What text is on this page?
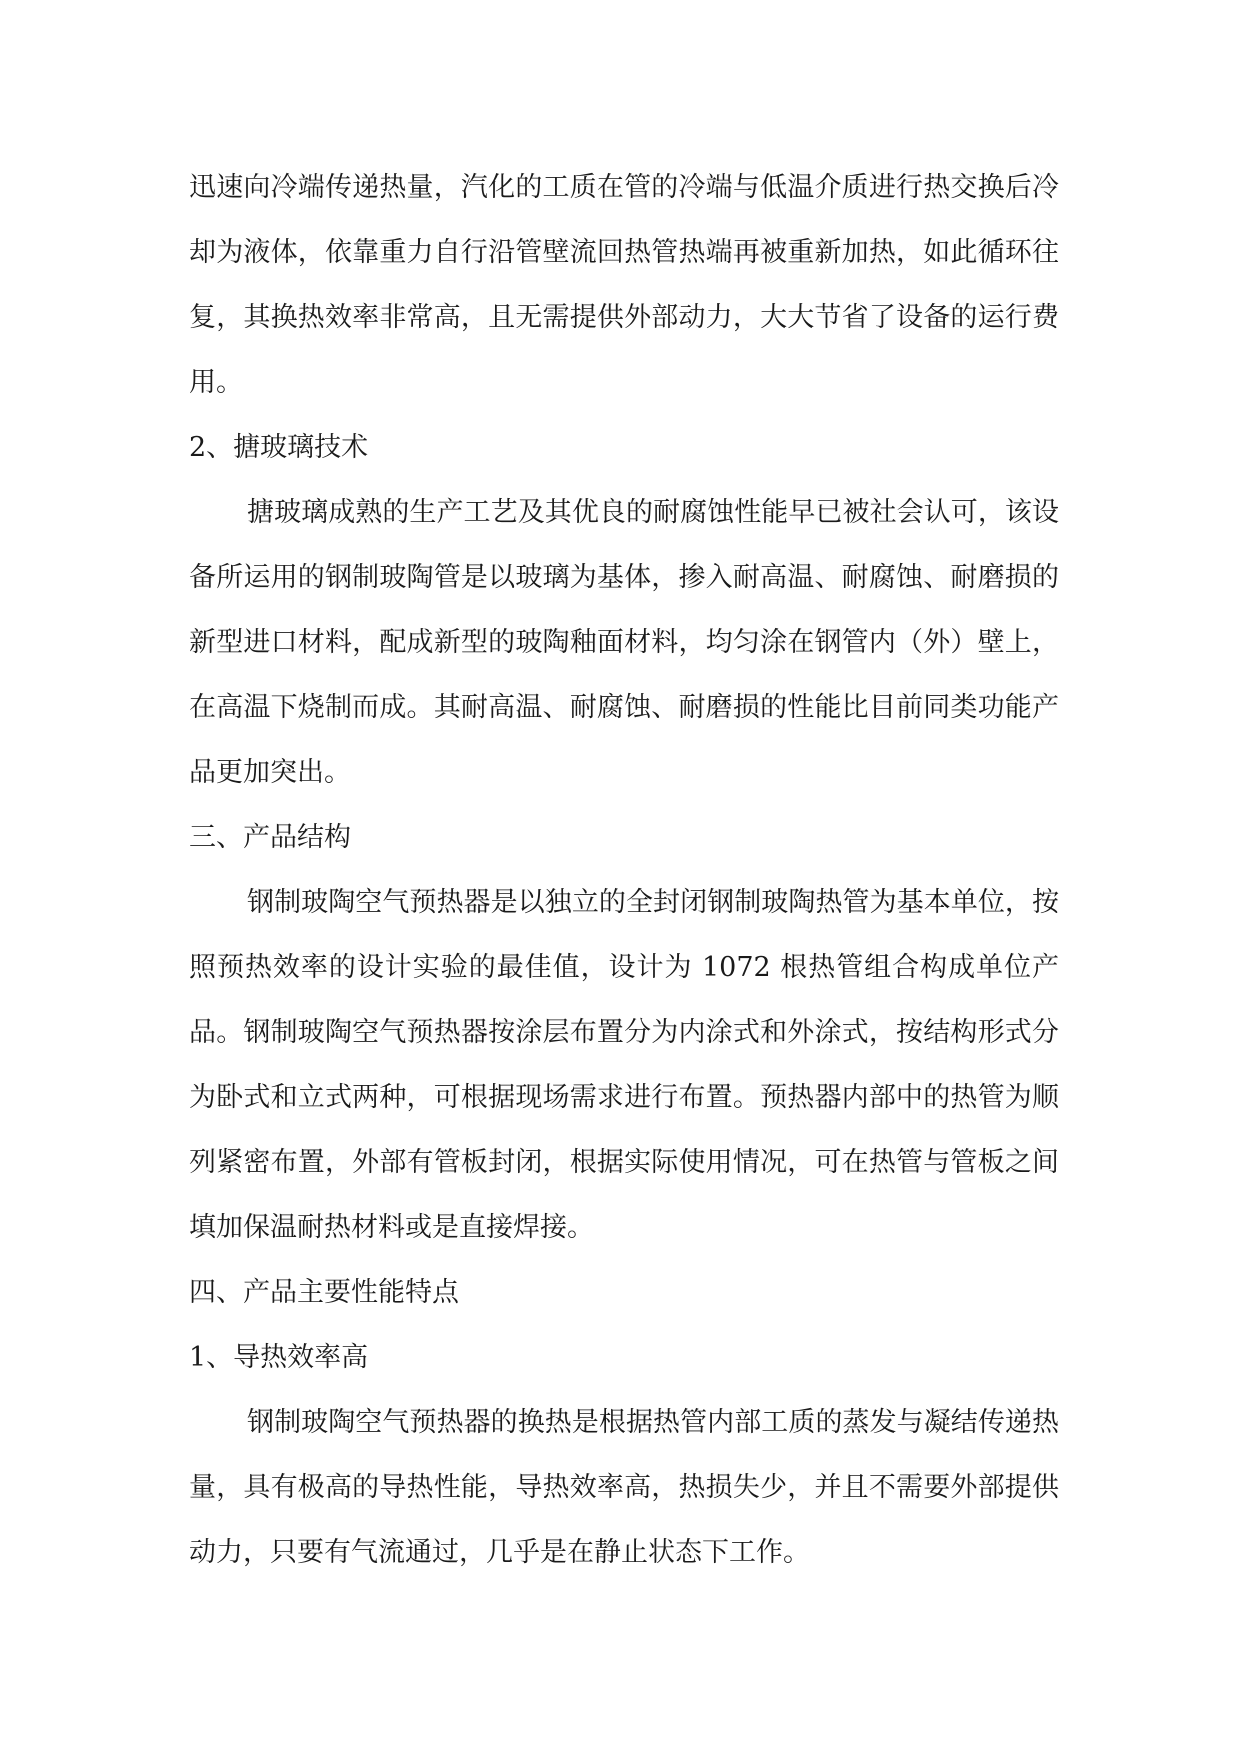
迅速向冷端传递热量，汽化的工质在管的冷端与低温介质进行热交换后冷却为液体，依靠重力自行沿管壁流回热管热端再被重新加热，如此循环往复，其换热效率非常高，且无需提供外部动力，大大节省了设备的运行费用。

2、搪玻璃技术

搪玻璃成熟的生产工艺及其优良的耐腐蚀性能早已被社会认可，该设备所运用的钢制玻陶管是以玻璃为基体，掺入耐高温、耐腐蚀、耐磨损的新型进口材料，配成新型的玻陶釉面材料，均匀涂在钢管内（外）壁上，在高温下烧制而成。其耐高温、耐腐蚀、耐磨损的性能比目前同类功能产品更加突出。

三、产品结构

钢制玻陶空气预热器是以独立的全封闭钢制玻陶热管为基本单位，按照预热效率的设计实验的最佳值，设计为 1072 根热管组合构成单位产品。钢制玻陶空气预热器按涂层布置分为内涂式和外涂式，按结构形式分为卧式和立式两种，可根据现场需求进行布置。预热器内部中的热管为顺列紧密布置，外部有管板封闭，根据实际使用情况，可在热管与管板之间填加保温耐热材料或是直接焊接。

四、产品主要性能特点

1、导热效率高

钢制玻陶空气预热器的换热是根据热管内部工质的蒸发与凝结传递热量，具有极高的导热性能，导热效率高，热损失少，并且不需要外部提供动力，只要有气流通过，几乎是在静止状态下工作。
